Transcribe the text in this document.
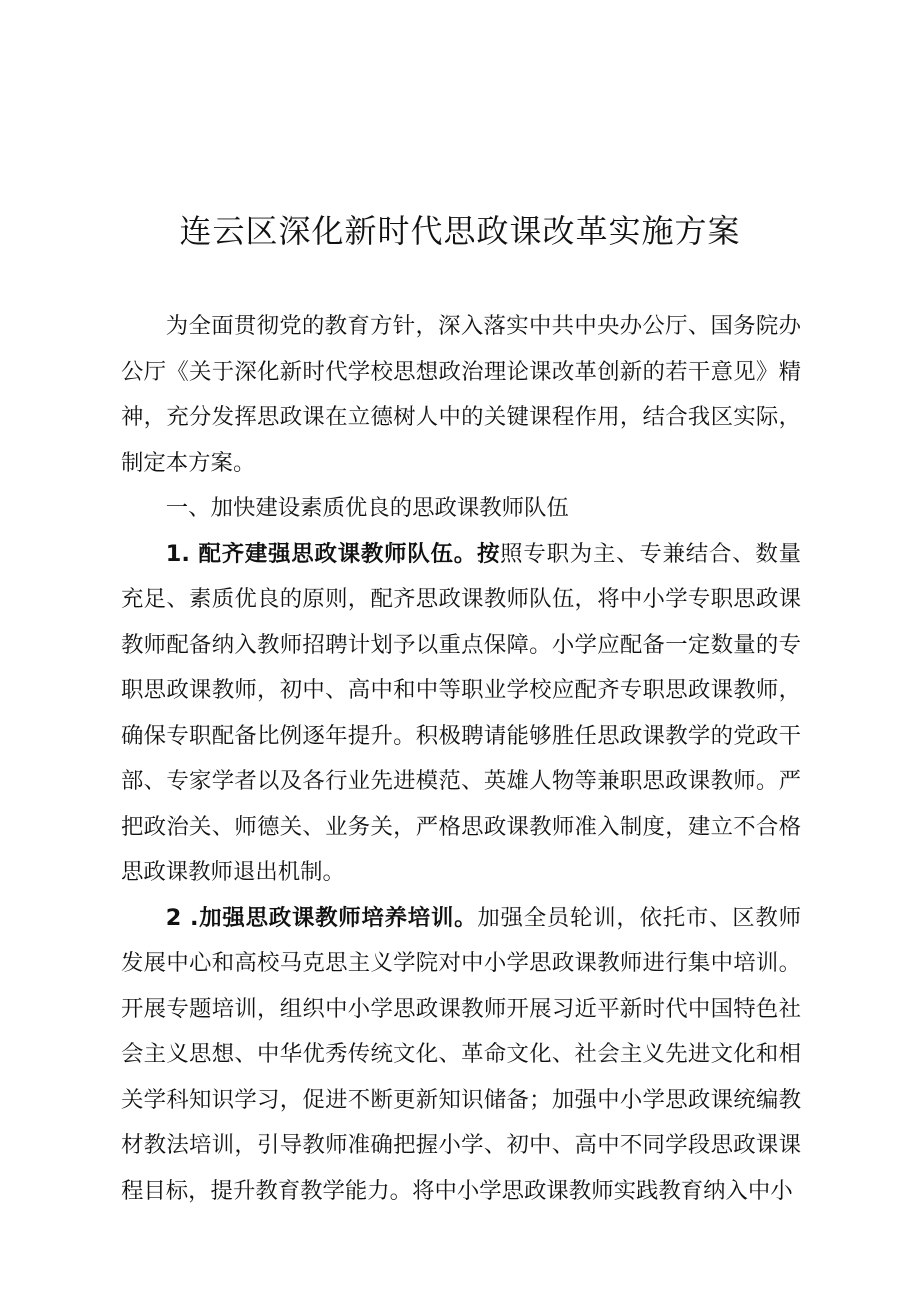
连云区深化新时代思政课改革实施方案

为全面贯彻党的教育方针，深入落实中共中央办公厅、国务院办公厅《关于深化新时代学校思想政治理论课改革创新的若干意见》精神，充分发挥思政课在立德树人中的关键课程作用，结合我区实际，制定本方案。

一、加快建设素质优良的思政课教师队伍

1. 配齐建强思政课教师队伍。按照专职为主、专兼结合、数量充足、素质优良的原则，配齐思政课教师队伍，将中小学专职思政课教师配备纳入教师招聘计划予以重点保障。小学应配备一定数量的专职思政课教师，初中、高中和中等职业学校应配齐专职思政课教师，确保专职配备比例逐年提升。积极聘请能够胜任思政课教学的党政干部、专家学者以及各行业先进模范、英雄人物等兼职思政课教师。严把政治关、师德关、业务关，严格思政课教师准入制度，建立不合格思政课教师退出机制。

2 .加强思政课教师培养培训。加强全员轮训，依托市、区教师发展中心和高校马克思主义学院对中小学思政课教师进行集中培训。开展专题培训，组织中小学思政课教师开展习近平新时代中国特色社会主义思想、中华优秀传统文化、革命文化、社会主义先进文化和相关学科知识学习，促进不断更新知识储备；加强中小学思政课统编教材教法培训，引导教师准确把握小学、初中、高中不同学段思政课课程目标，提升教育教学能力。将中小学思政课教师实践教育纳入中小
